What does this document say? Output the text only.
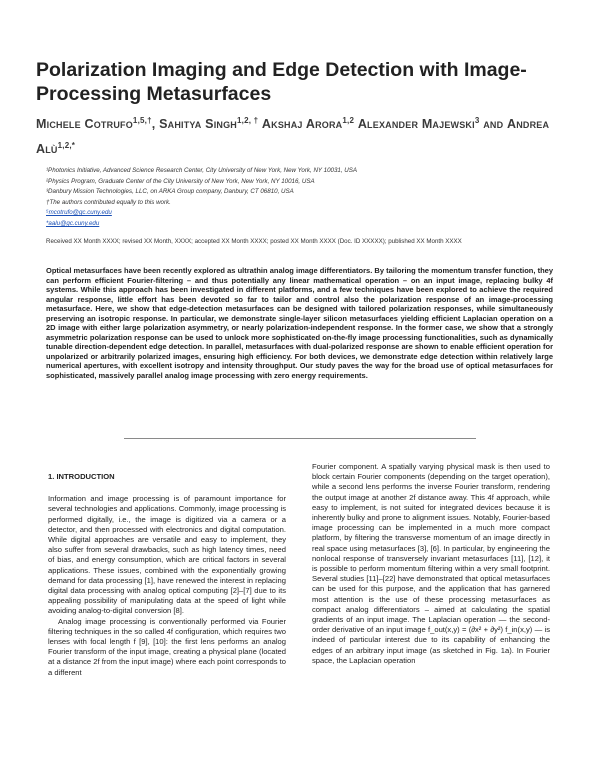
Polarization Imaging and Edge Detection with Image-Processing Metasurfaces
Michele Cotrufo$^{1,5,\dagger}$, Sahitya Singh$^{1,2, \dagger}$ Akshaj Arora$^{1,2}$ Alexander Majewski$^3$ and Andrea Alù$^{1,2,*}$
¹Photonics Initiative, Advanced Science Research Center, City University of New York, New York, NY 10031, USA
²Physics Program, Graduate Center of the City University of New York, New York, NY 10016, USA
³Danbury Mission Technologies, LLC, on ARKA Group company, Danbury, CT 06810, USA
†The authors contributed equally to this work.
⁵mcotrufo@gc.cuny.edu
*aalu@gc.cuny.edu
Received XX Month XXXX; revised XX Month, XXXX; accepted XX Month XXXX; posted XX Month XXXX (Doc. ID XXXXX); published XX Month XXXX
Optical metasurfaces have been recently explored as ultrathin analog image differentiators. By tailoring the momentum transfer function, they can perform efficient Fourier-filtering – and thus potentially any linear mathematical operation – on an input image, replacing bulky 4f systems. While this approach has been investigated in different platforms, and a few techniques have been explored to achieve the required angular response, little effort has been devoted so far to tailor and control also the polarization response of an image-processing metasurface. Here, we show that edge-detection metasurfaces can be designed with tailored polarization responses, while simultaneously preserving an isotropic response. In particular, we demonstrate single-layer silicon metasurfaces yielding efficient Laplacian operation on a 2D image with either large polarization asymmetry, or nearly polarization-independent response. In the former case, we show that a strongly asymmetric polarization response can be used to unlock more sophisticated on-the-fly image processing functionalities, such as dynamically tunable direction-dependent edge detection. In parallel, metasurfaces with dual-polarized response are shown to enable efficient operation for unpolarized or arbitrarily polarized images, ensuring high efficiency. For both devices, we demonstrate edge detection within relatively large numerical apertures, with excellent isotropy and intensity throughput. Our study paves the way for the broad use of optical metasurfaces for sophisticated, massively parallel analog image processing with zero energy requirements.
1. INTRODUCTION

Information and image processing is of paramount importance for several technologies and applications. Commonly, image processing is performed digitally, i.e., the image is digitized via a camera or a detector, and then processed with electronics and digital computation. While digital approaches are versatile and easy to implement, they also suffer from several drawbacks, such as high latency times, need of bias, and energy consumption, which are critical factors in several applications. These issues, combined with the exponentially growing demand for data processing [1], have renewed the interest in replacing digital data processing with analog optical computing [2]–[7] due to its appealing possibility of manipulating data at the speed of light while avoiding analog-to-digital conversion [8].

Analog image processing is conventionally performed via Fourier filtering techniques in the so called 4f configuration, which requires two lenses with focal length f [9], [10]: the first lens performs an analog Fourier transform of the input image, creating a physical plane (located at a distance 2f from the input image) where each point corresponds to a different

Fourier component. A spatially varying physical mask is then used to block certain Fourier components (depending on the target operation), while a second lens performs the inverse Fourier transform, rendering the output image at another 2f distance away. This 4f approach, while easy to implement, is not suited for integrated devices because it is inherently bulky and prone to alignment issues. Notably, Fourier-based image processing can be implemented in a much more compact platform, by filtering the transverse momentum of an image directly in real space using metasurfaces [3], [6]. In particular, by engineering the nonlocal response of transversely invariant metasurfaces [11], [12], it is possible to perform momentum filtering within a very small footprint. Several studies [11]–[22] have demonstrated that optical metasurfaces can be used for this purpose, and the application that has garnered most attention is the use of these processing metasurfaces as compact analog differentiators – aimed at calculating the spatial gradients of an input image. The Laplacian operation — the second-order derivative of an input image f_out(x,y) = (∂x² + ∂y²) f_in(x,y) — is indeed of particular interest due to its capability of enhancing the edges of an arbitrary input image (as sketched in Fig. 1a). In Fourier space, the Laplacian operation
